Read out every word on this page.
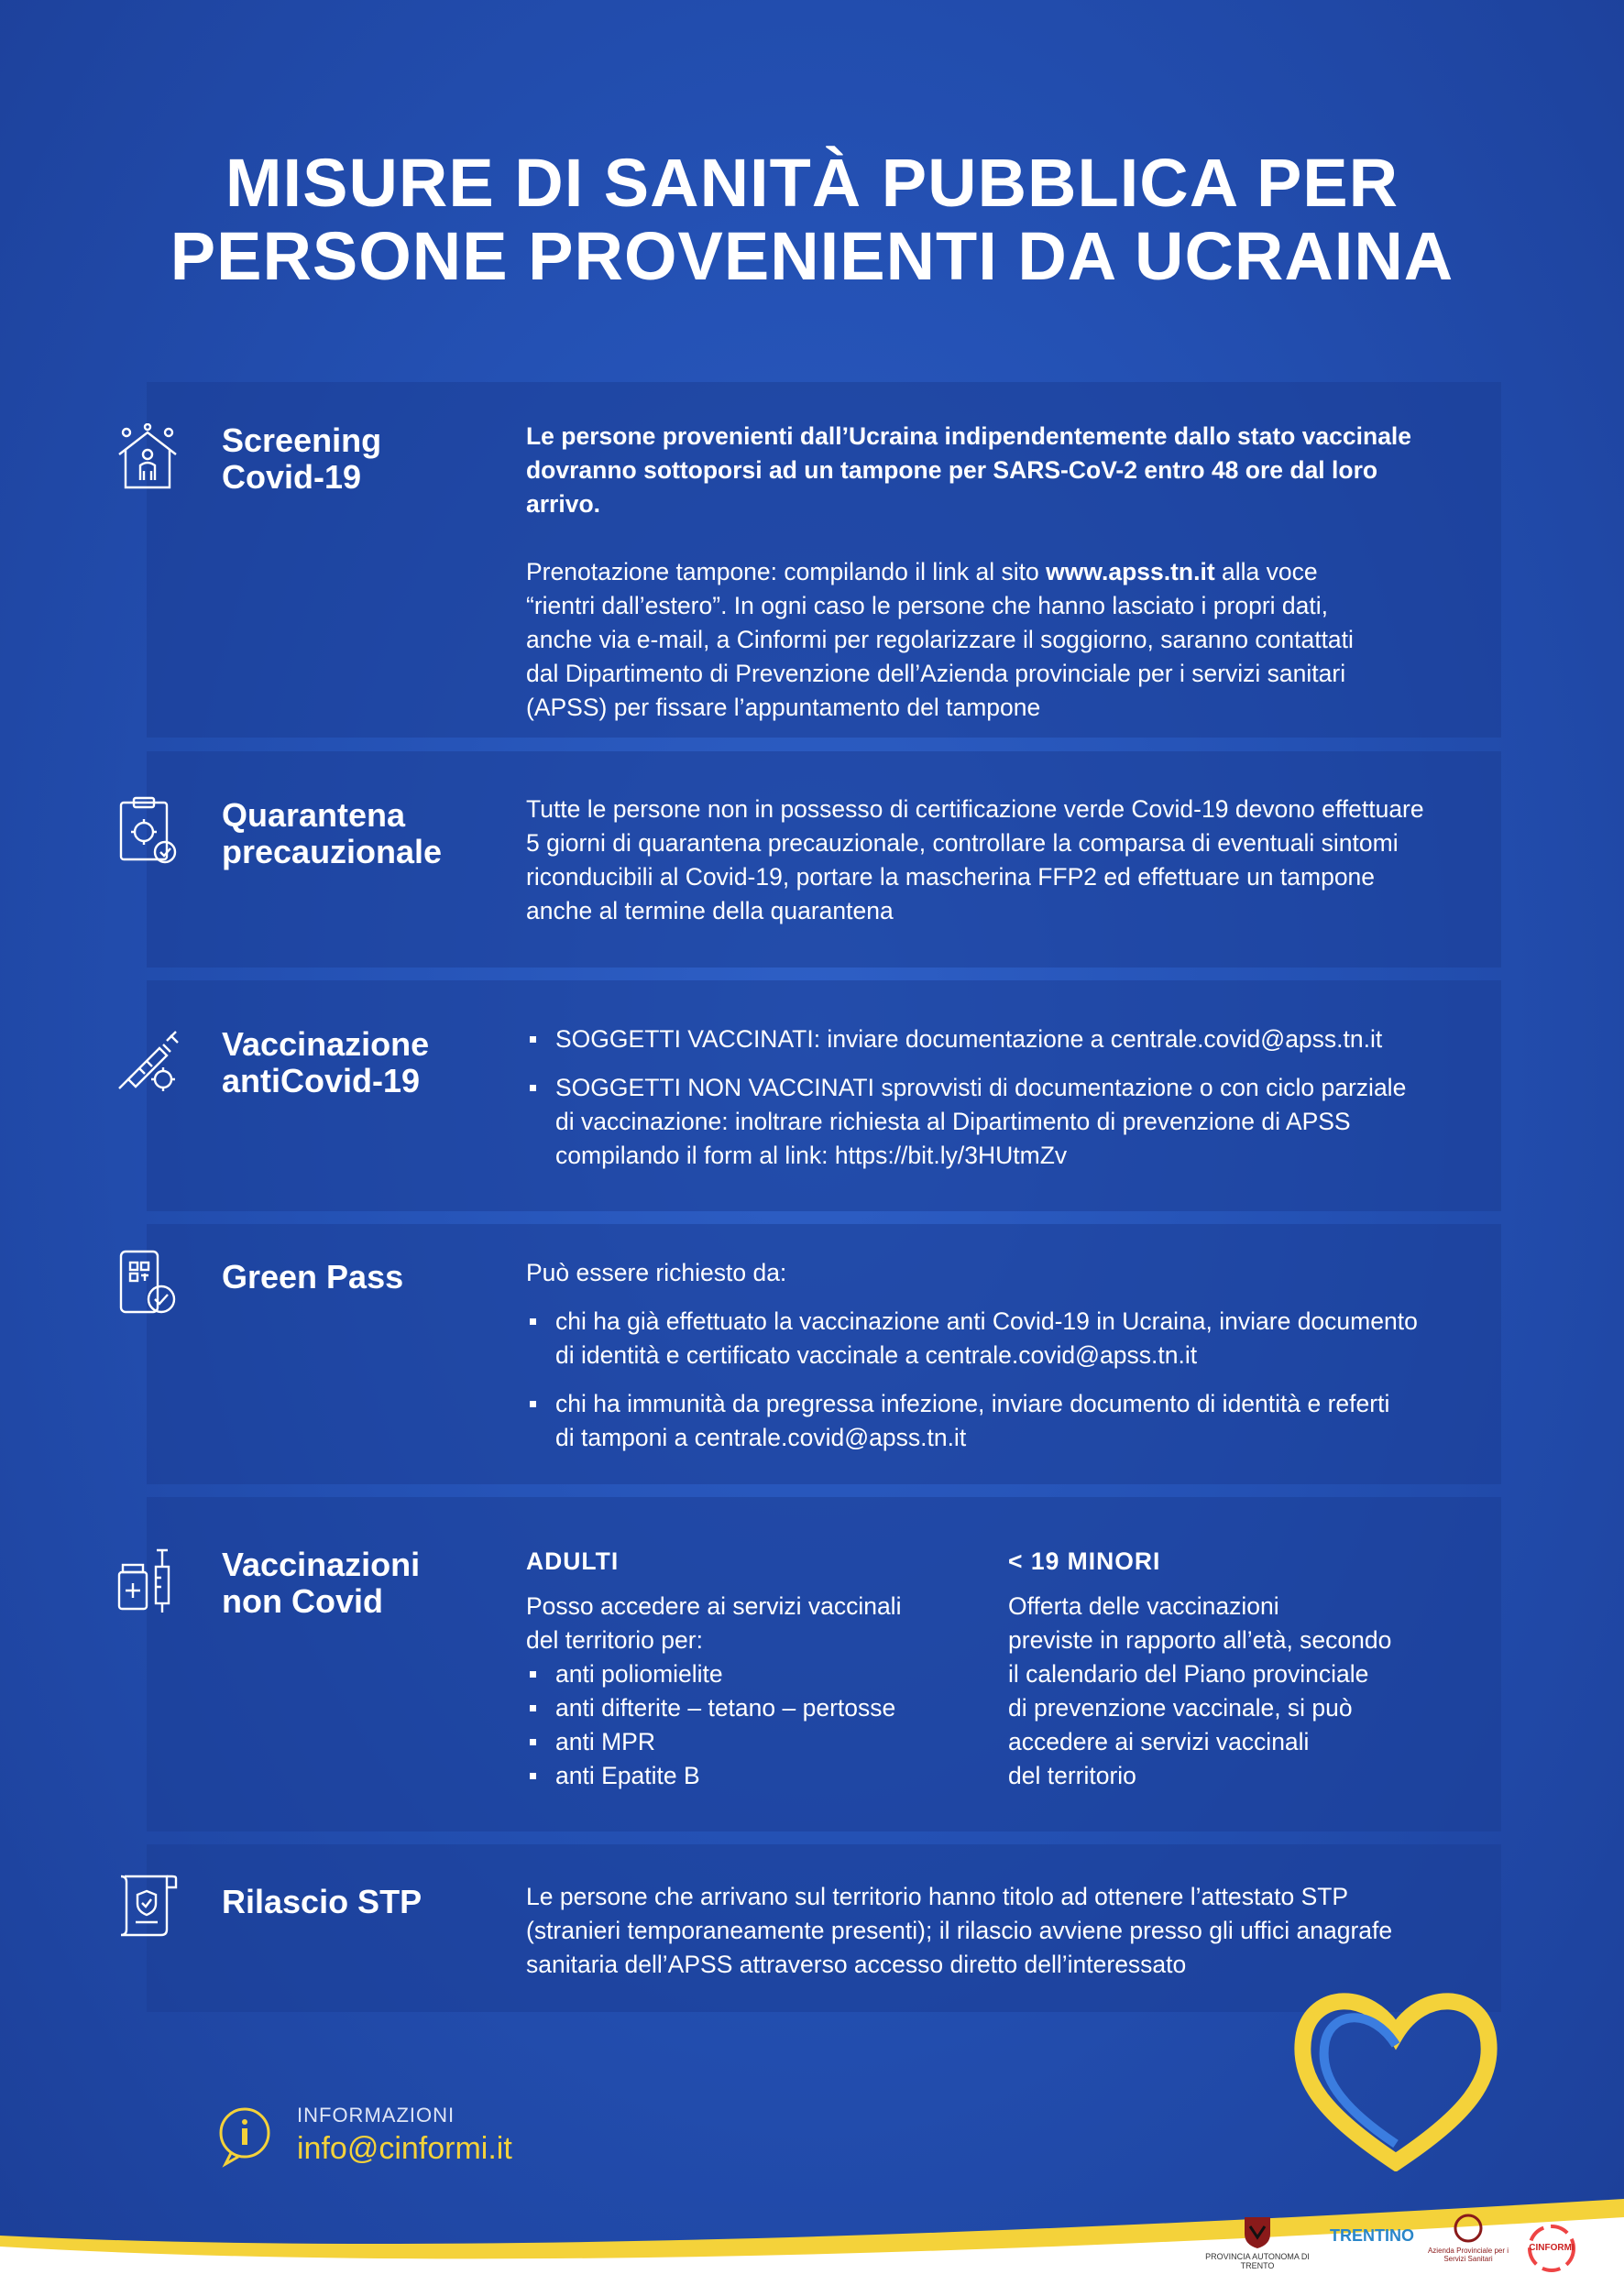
MISURE DI SANITÀ PUBBLICA PER
PERSONE PROVENIENTI DA UCRAINA
Screening
Covid-19

Le persone provenienti dall’Ucraina indipendentemente dallo stato vaccinale

dovranno sottoporsi ad un tampone per SARS-CoV-2 entro 48 ore dal loro arrivo.

Prenotazione tampone: compilando il link al sito www.apss.tn.it alla voce

“rientri dall’estero”. In ogni caso le persone che hanno lasciato i propri dati,

anche via e-mail, a Cinformi per regolarizzare il soggiorno, saranno contattati

dal Dipartimento di Prevenzione dell’Azienda provinciale per i servizi sanitari

(APSS) per fissare l’appuntamento del tampone

Quarantena
precauzionale

Tutte le persone non in possesso di certificazione verde Covid-19 devono effettuare

5 giorni di quarantena precauzionale, controllare la comparsa di eventuali sintomi

riconducibili al Covid-19, portare la mascherina FFP2 ed effettuare un tampone

anche al termine della quarantena

Vaccinazione
antiCovid-19
SOGGETTI VACCINATI: inviare documentazione a centrale.covid@apss.tn.it
SOGGETTI NON VACCINATI sprovvisti di documentazione o con ciclo parziale
di vaccinazione: inoltrare richiesta al Dipartimento di prevenzione di APSS
compilando il form al link: https://bit.ly/3HUtmZv
Green Pass	Può essere richiesto da:

chi ha già effettuato la vaccinazione anti Covid-19 in Ucraina, inviare documento
di identità e certificato vaccinale a centrale.covid@apss.tn.it
chi ha immunità da pregressa infezione, inviare documento di identità e referti
di tamponi a centrale.covid@apss.tn.it
Vaccinazioni
non Covid
ADULTI

Posso accedere ai servizi vaccinali

del territorio per:

anti poliomielite
anti difterite – tetano – pertosse
anti MPR
anti Epatite B
< 19 MINORI

Offerta delle vaccinazioni

previste in rapporto all’età, secondo

il calendario del Piano provinciale

di prevenzione vaccinale, si può

accedere ai servizi vaccinali

del territorio

Rilascio STP	Le persone che arrivano sul territorio hanno titolo ad ottenere l’attestato STP

(stranieri temporaneamente presenti); il rilascio avviene presso gli uffici anagrafe

sanitaria dell’APSS attraverso accesso diretto dell’interessato

INFORMAZIONI
info@cinformi.it
PROVINCIA AUTONOMA DI TRENTO
TRENTINO
Azienda Provinciale per i Servizi Sanitari
CINFORMI
